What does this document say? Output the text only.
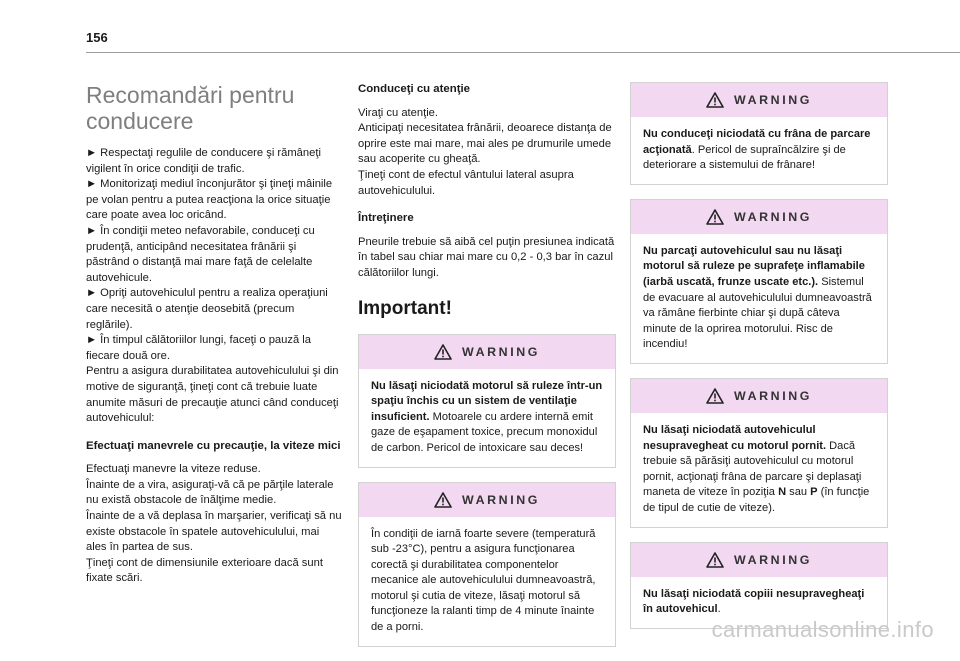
156
Recomandări pentru conducere

► Respectaţi regulile de conducere şi rămâneţi vigilent în orice condiţii de trafic.

► Monitorizaţi mediul înconjurător şi ţineţi mâinile pe volan pentru a putea reacţiona la orice situaţie care poate avea loc oricând.

► În condiţii meteo nefavorabile, conduceţi cu prudenţă, anticipând necesitatea frânării şi păstrând o distanţă mai mare faţă de celelalte autovehicule.

► Opriţi autovehiculul pentru a realiza operaţiuni care necesită o atenţie deosebită (precum reglările).

► În timpul călătoriilor lungi, faceţi o pauză la fiecare două ore.

Pentru a asigura durabilitatea autovehiculului şi din motive de siguranţă, ţineţi cont că trebuie luate anumite măsuri de precauţie atunci când conduceţi autovehiculul:

Efectuaţi manevrele cu precauţie, la viteze mici

Efectuaţi manevre la viteze reduse.

Înainte de a vira, asiguraţi-vă că pe părţile laterale nu există obstacole de înălţime medie.

Înainte de a vă deplasa în marşarier, verificaţi să nu existe obstacole în spatele autovehiculului, mai ales în partea de sus.

Ţineţi cont de dimensiunile exterioare dacă sunt fixate scări.

Conduceţi cu atenţie

Viraţi cu atenţie.

Anticipaţi necesitatea frânării, deoarece distanţa de oprire este mai mare, mai ales pe drumurile umede sau acoperite cu gheaţă.

Ţineţi cont de efectul vântului lateral asupra autovehiculului.

Întreţinere

Pneurile trebuie să aibă cel puţin presiunea indicată în tabel sau chiar mai mare cu 0,2 - 0,3 bar în cazul călătoriilor lungi.

Important!
WARNING
Nu lăsaţi niciodată motorul să ruleze într-un spaţiu închis cu un sistem de ventilaţie insuficient. Motoarele cu ardere internă emit gaze de eşapament toxice, precum monoxidul de carbon. Pericol de intoxicare sau deces!
WARNING
În condiţii de iarnă foarte severe (temperatură sub -23°C), pentru a asigura funcţionarea corectă şi durabilitatea componentelor mecanice ale autovehiculului dumneavoastră, motorul şi cutia de viteze, lăsaţi motorul să funcţioneze la ralanti timp de 4 minute înainte de a porni.
WARNING
Nu conduceţi niciodată cu frâna de parcare acţionată. Pericol de supraîncălzire şi de deteriorare a sistemului de frânare!
WARNING
Nu parcaţi autovehiculul sau nu lăsaţi motorul să ruleze pe suprafeţe inflamabile (iarbă uscată, frunze uscate etc.). Sistemul de evacuare al autovehiculului dumneavoastră va rămâne fierbinte chiar şi după câteva minute de la oprirea motorului. Risc de incendiu!
WARNING
Nu lăsaţi niciodată autovehiculul nesupravegheat cu motorul pornit. Dacă trebuie să părăsiţi autovehiculul cu motorul pornit, acţionaţi frâna de parcare şi deplasaţi maneta de viteze în poziţia N sau P (în funcţie de tipul de cutie de viteze).
WARNING
Nu lăsaţi niciodată copiii nesupravegheaţi în autovehicul.
carmanualsonline.info
